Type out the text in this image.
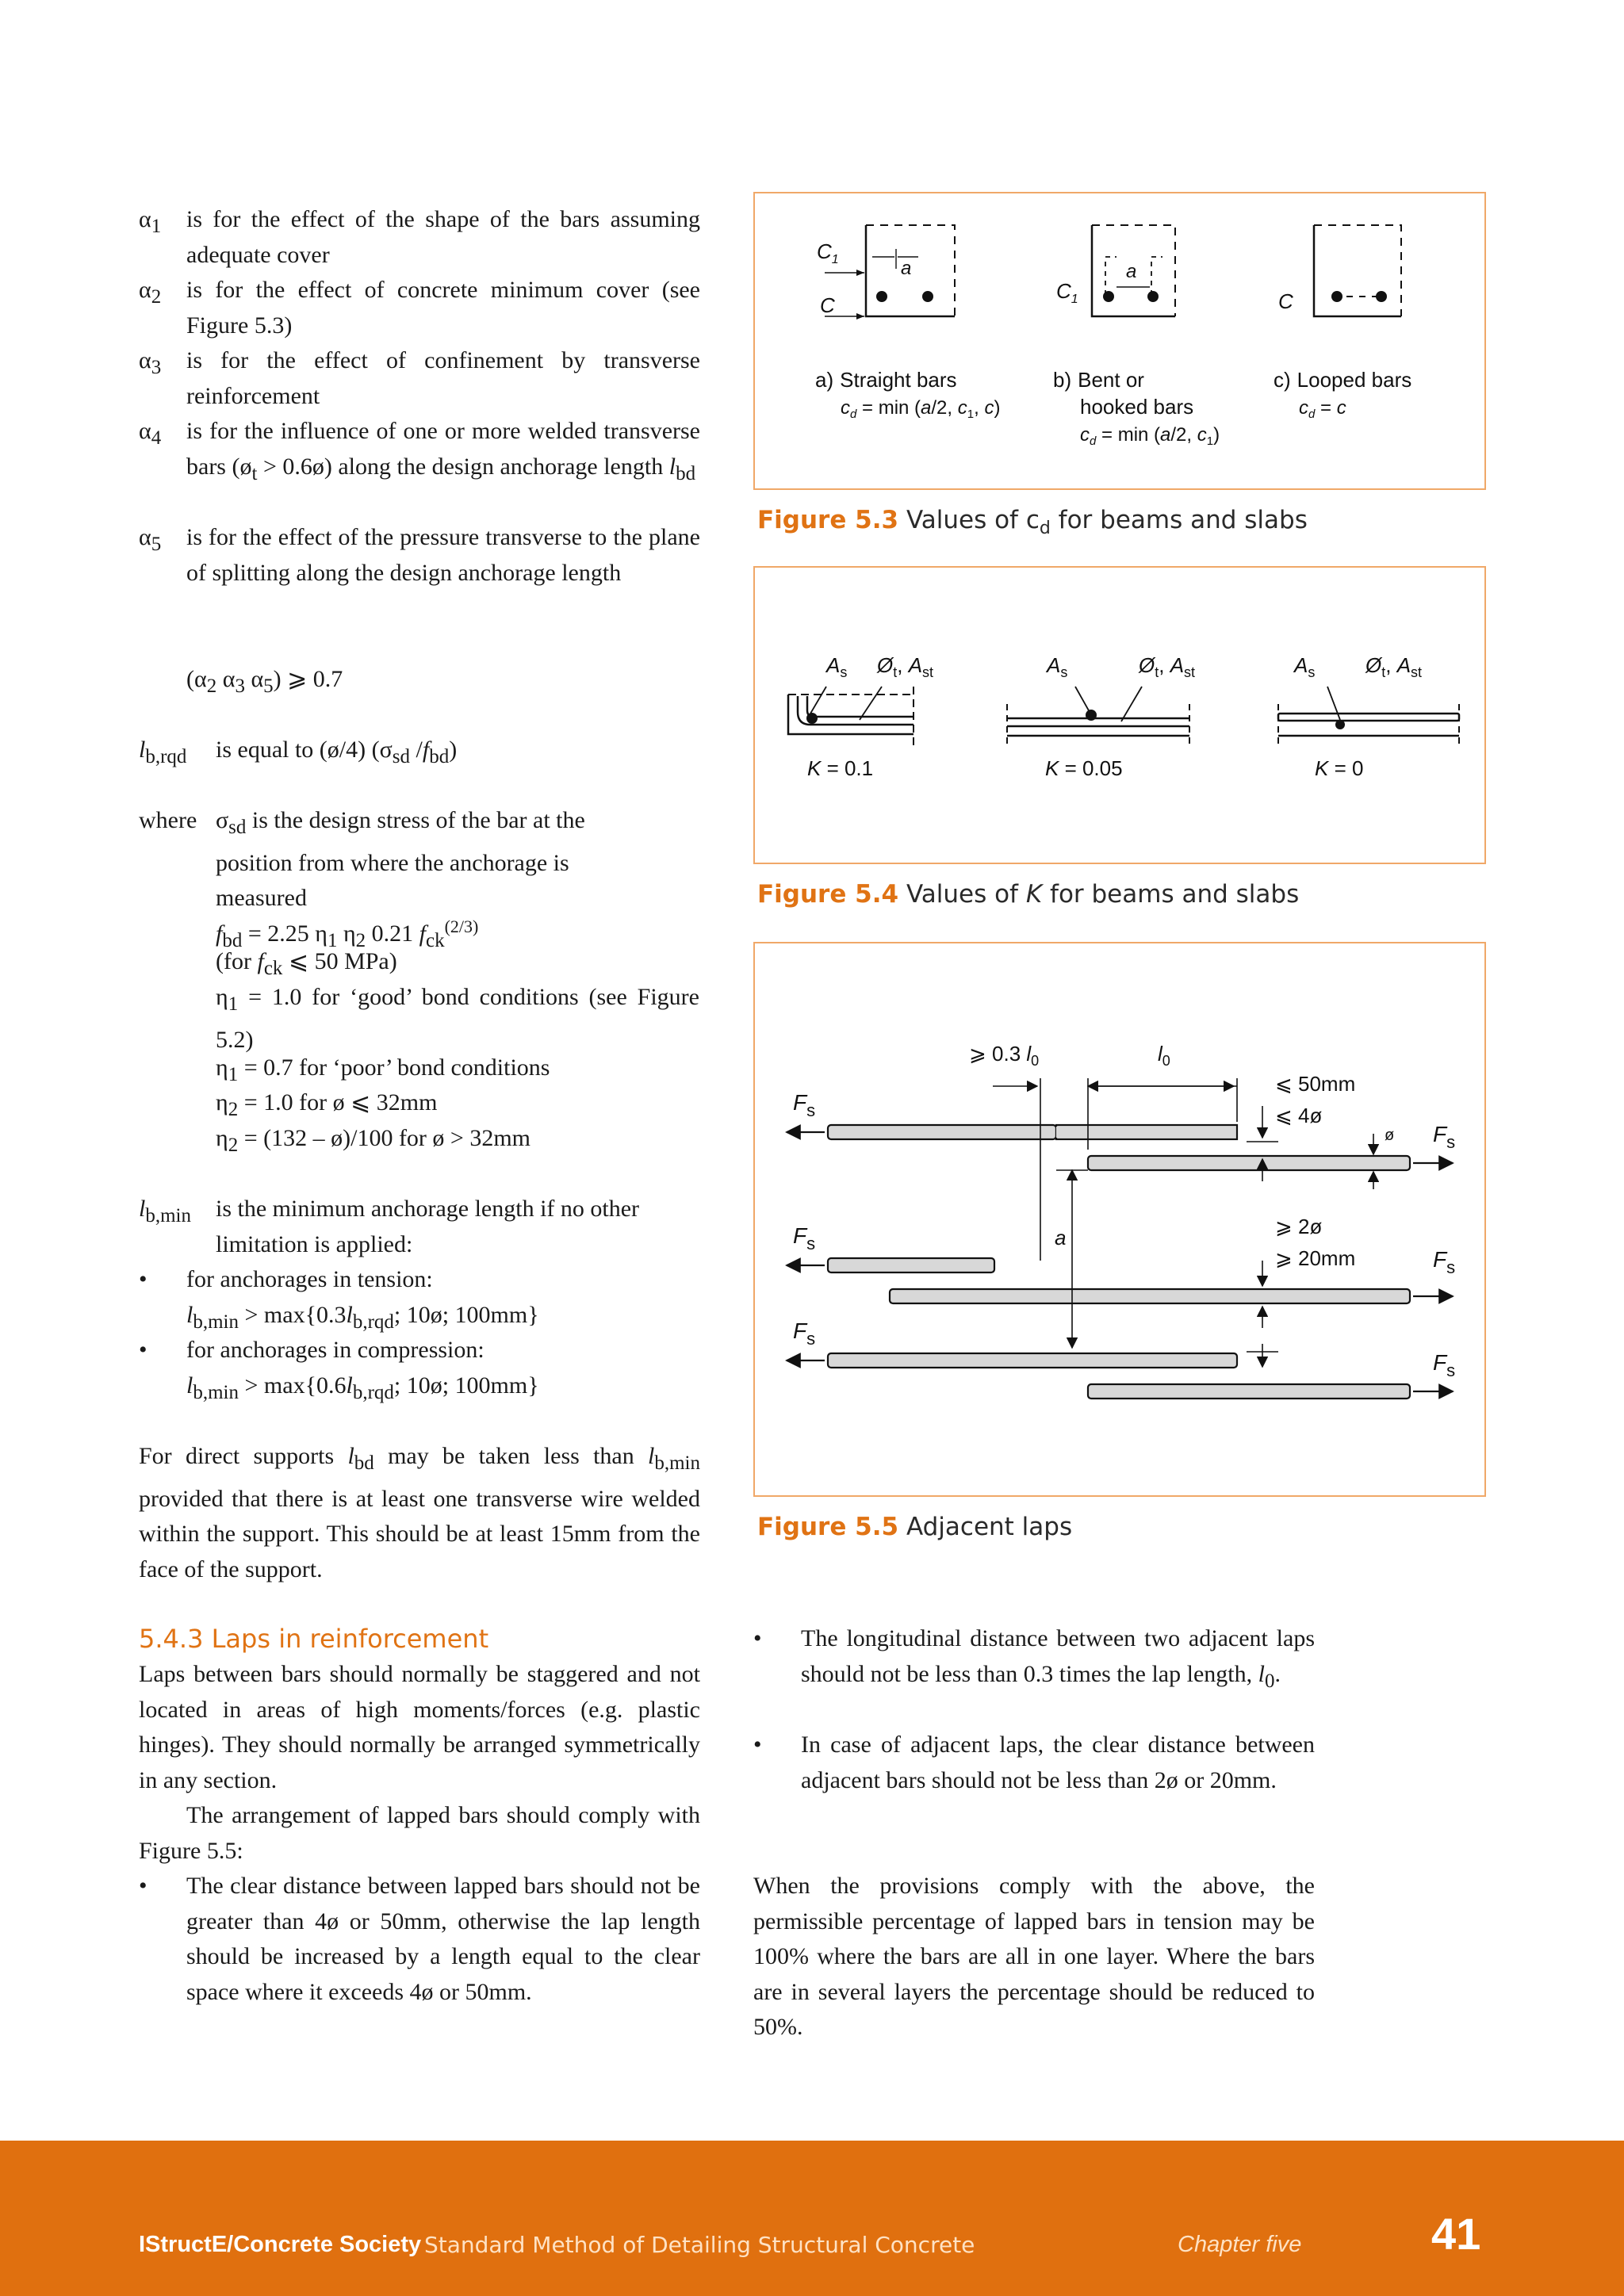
$\alpha_1$	is for the effect of the shape of the bars assuming adequate cover
$\alpha_2$	is for the effect of concrete minimum cover (see Figure 5.3)
$\alpha_3$	is for the effect of confinement by transverse reinforcement
$\alpha_4$	is for the influence of one or more welded transverse bars ($ø_t$ > 0.6ø) along the design anchorage length $l_{bd}$
$\alpha_5$	is for the effect of the pressure transverse to the plane of splitting along the design anchorage length
($\alpha_2$ $\alpha_3$ $\alpha_5$) ⩾ 0.7
$l_{b,rqd}$ is equal to (ø/4) ($\sigma_{sd}$ $/f_{bd}$)
where $\sigma_{sd}$ is the design stress of the bar at the position from where the anchorage is measured
$f_{bd} = 2.25$ $\eta_1$ $\eta_2$ 0.21 $f_{ck}^{(2/3)}$
(for $f_{ck}$ ⩽ 50 MPa)
$\eta_1 = 1.0$ for ‘good’ bond conditions (see Figure 5.2)
$\eta_1 = 0.7$ for ‘poor’ bond conditions
$\eta_2 = 1.0$ for ø ⩽ 32mm
$\eta_2 = (132$ – ø)/100 for ø > 32mm
$l_{b,min}$ is the minimum anchorage length if no other limitation is applied:
• for anchorages in tension:
$l_{b,min} > \max\{0.3l_{b,rqd}$; 10ø; 100mm}
• for anchorages in compression:
$l_{b,min} > \max\{0.6l_{b,rqd}$; 10ø; 100mm}
For direct supports $l_{bd}$ may be taken less than $l_{b,min}$ provided that there is at least one transverse wire welded within the support. This should be at least 15mm from the face of the support.
5.4.3 Laps in reinforcement
Laps between bars should normally be staggered and not located in areas of high moments/forces (e.g. plastic hinges). They should normally be arranged symmetrically in any section.
The arrangement of lapped bars should comply with Figure 5.5:
• The clear distance between lapped bars should not be greater than 4ø or 50mm, otherwise the lap length should be increased by a length equal to the clear space where it exceeds 4ø or 50mm.
• The longitudinal distance between two adjacent laps should not be less than 0.3 times the lap length, $l_0$.
• In case of adjacent laps, the clear distance between adjacent bars should not be less than 2ø or 20mm.
When the provisions comply with the above, the permissible percentage of lapped bars in tension may be 100% where the bars are all in one layer. Where the bars are in several layers the percentage should be reduced to 50%.
$C_1$
C
a
$C_1$
a
C
a) Straight bars
$c_d = \min (a/2$, $c_1$, c)
b) Bent or
hooked bars
$c_d = \min (a/2$, $c_1$)
c) Looped bars
$c_d = c$
Figure 5.3 Values of $c_d$ for beams and slabs
$A_s$ $Ø_t$, $A_{st}$
K = 0.1
$A_s$	$Ø_t$, $A_{st}$
K = 0.05
$A_s$ $Ø_t$, $A_{st}$
K = 0
Figure 5.4 Values of K for beams and slabs
⩾ 0.3 $l_0$	$l_0$
⩽ 50mm
⩽ 4ø
ø
⩾ 2ø
⩾ 20mm
a
$F_s$
$F_s$
$F_s$
$F_s$
$F_s$
$F_s$
Figure 5.5 Adjacent laps
IStructE/Concrete Society Standard Method of Detailing Structural Concrete	Chapter five	41
